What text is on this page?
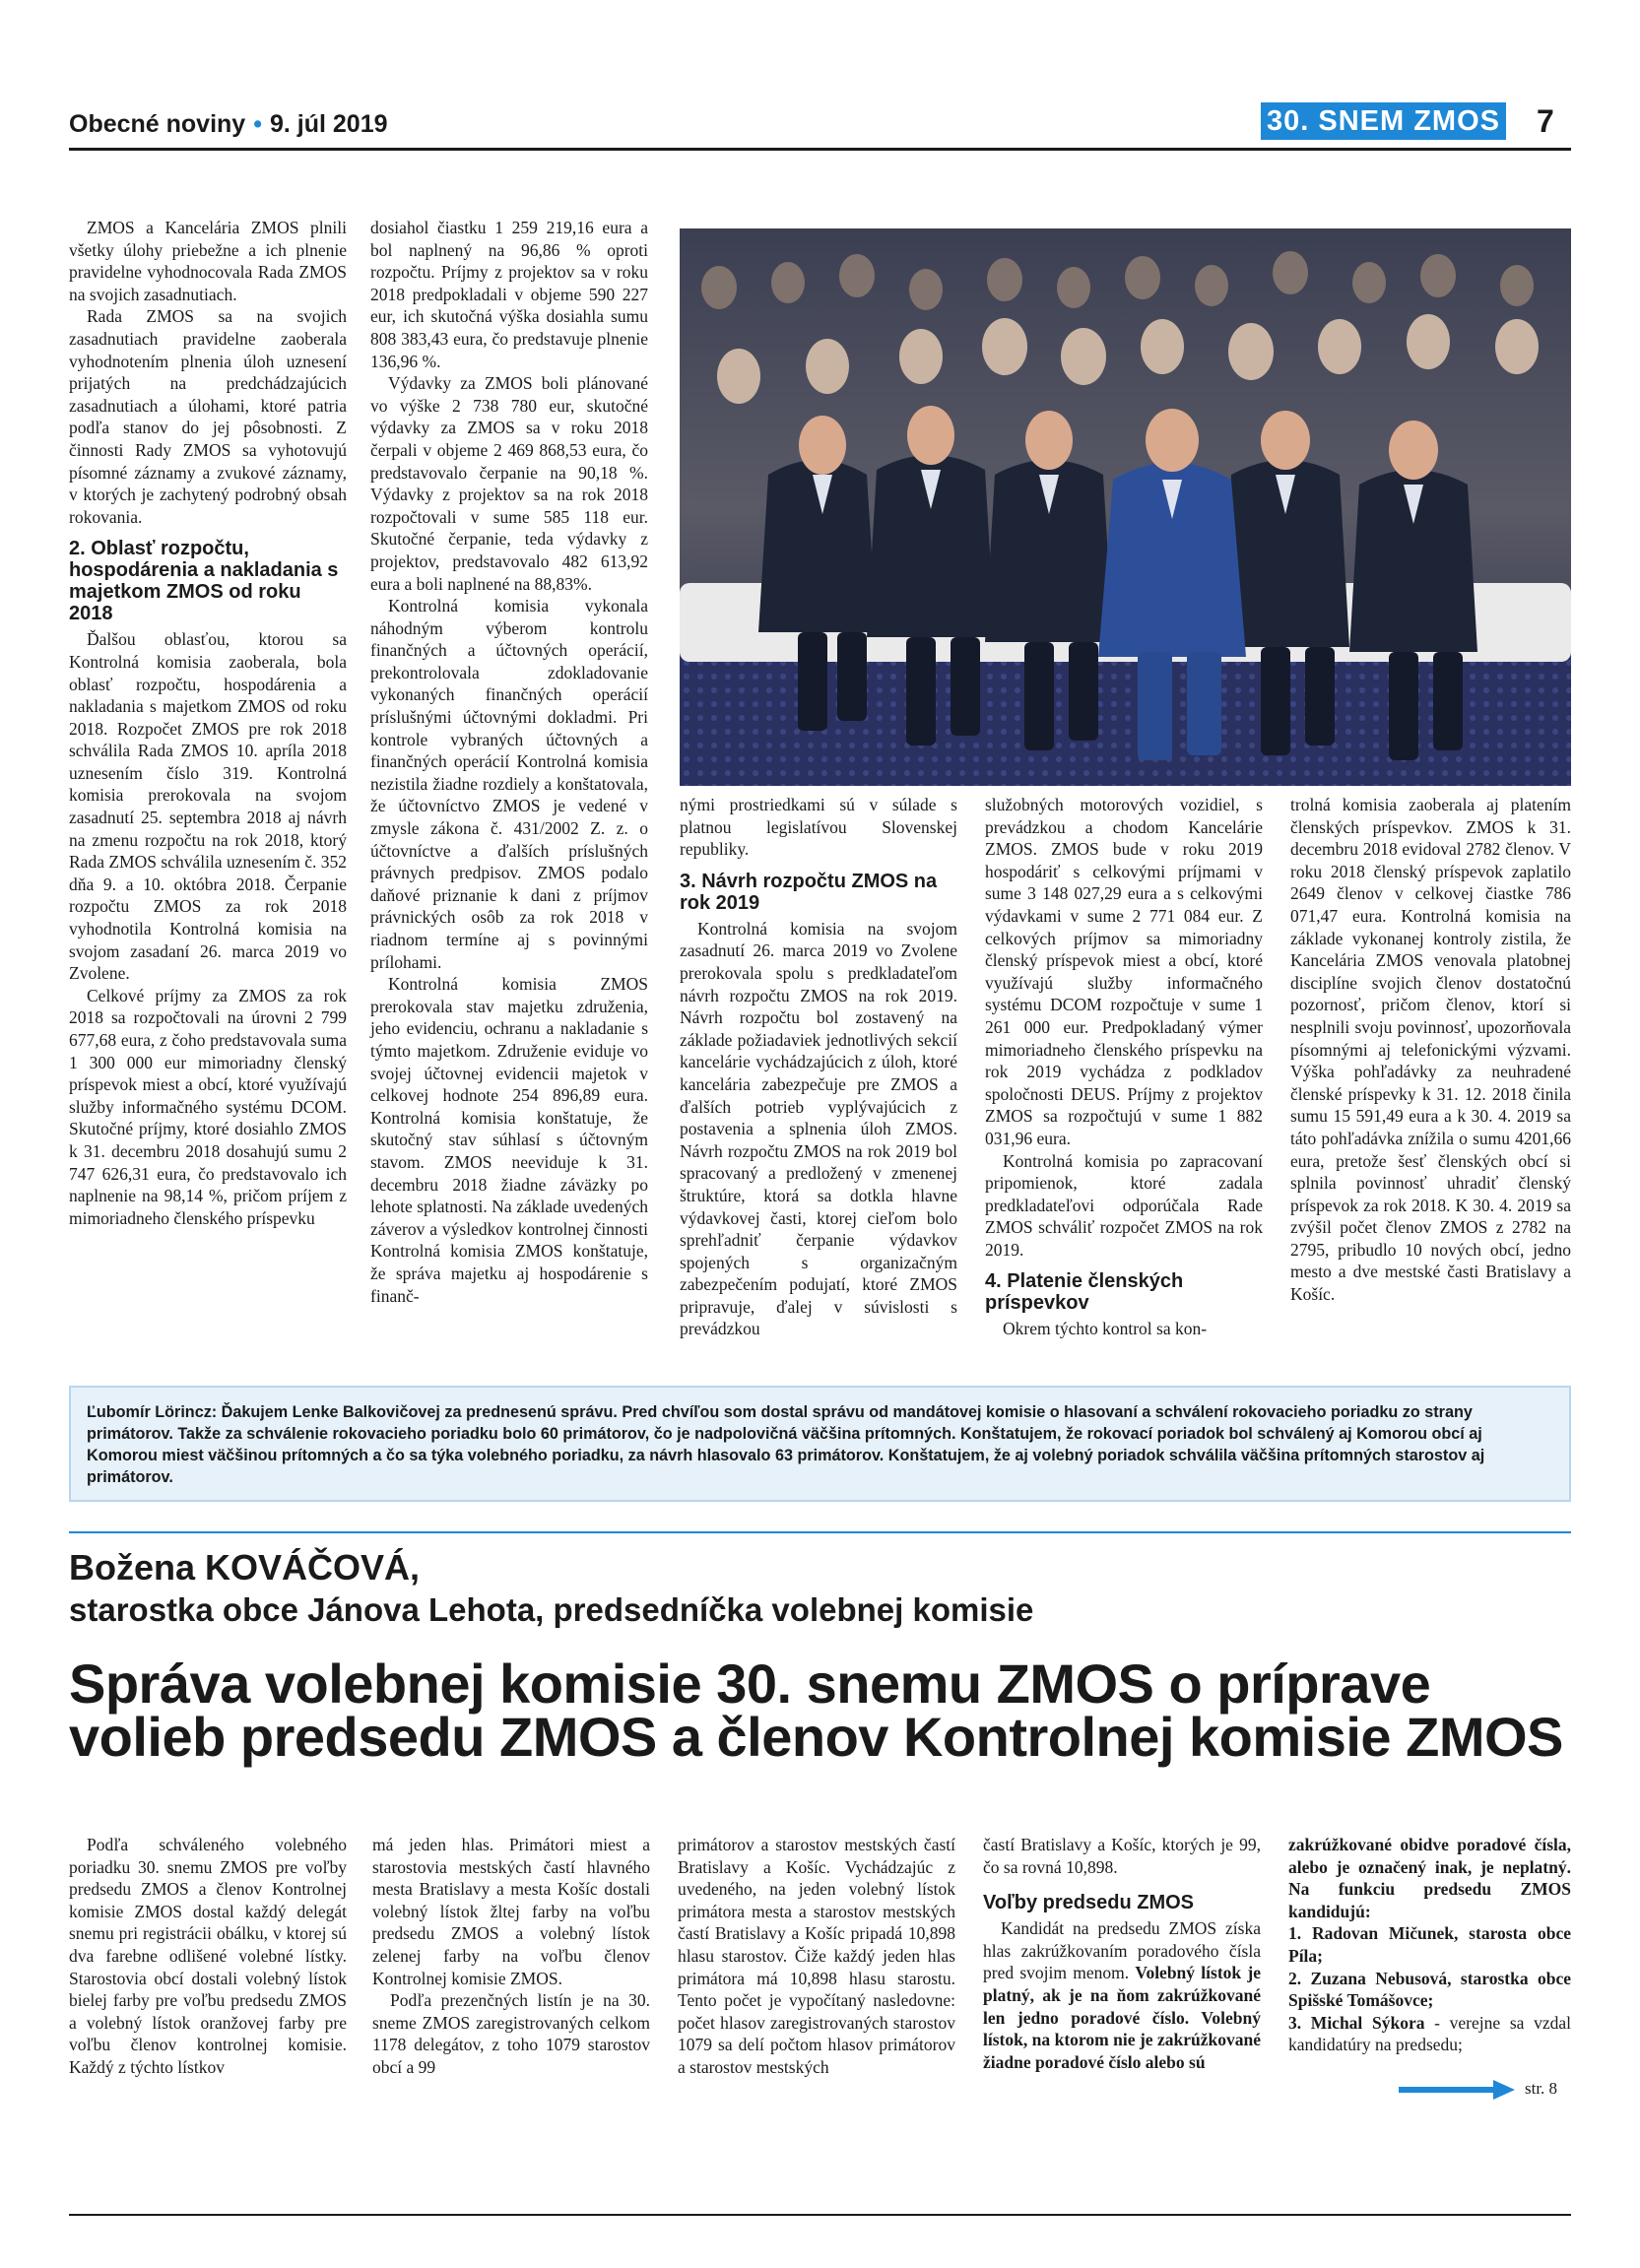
Obecné noviny • 9. júl 2019	30. SNEM ZMOS 7

ZMOS a Kancelária ZMOS plnili všetky úlohy priebežne a ich plnenie pravidelne vyhodnocovala Rada ZMOS na svojich zasadnutiach.

Rada ZMOS sa na svojich zasadnutiach pravidelne zaoberala vyhodnotením plnenia úloh uznesení prijatých na predchádzajúcich zasadnutiach a úlohami, ktoré patria podľa stanov do jej pôsobnosti. Z činnosti Rady ZMOS sa vyhotovujú písomné záznamy a zvukové záznamy, v ktorých je zachytený podrobný obsah rokovania.

2. Oblasť rozpočtu, hospodárenia a nakladania s majetkom ZMOS od roku 2018

Ďalšou oblasťou, ktorou sa Kontrolná komisia zaoberala, bola oblasť rozpočtu, hospodárenia a nakladania s majetkom ZMOS od roku 2018. Rozpočet ZMOS pre rok 2018 schválila Rada ZMOS 10. apríla 2018 uznesením číslo 319. Kontrolná komisia prerokovala na svojom zasadnutí 25. septembra 2018 aj návrh na zmenu rozpočtu na rok 2018, ktorý Rada ZMOS schválila uznesením č. 352 dňa 9. a 10. októbra 2018. Čerpanie rozpočtu ZMOS za rok 2018 vyhodnotila Kontrolná komisia na svojom zasadaní 26. marca 2019 vo Zvolene.

Celkové príjmy za ZMOS za rok 2018 sa rozpočtovali na úrovni 2 799 677,68 eura, z čoho predstavovala suma 1 300 000 eur mimoriadny členský príspevok miest a obcí, ktoré využívajú služby informačného systému DCOM. Skutočné príjmy, ktoré dosiahlo ZMOS k 31. decembru 2018 dosahujú sumu 2 747 626,31 eura, čo predstavovalo ich naplnenie na 98,14 %, pričom príjem z mimoriadneho členského príspevku

dosiahol čiastku 1 259 219,16 eura a bol naplnený na 96,86 % oproti rozpočtu. Príjmy z projektov sa v roku 2018 predpokladali v objeme 590 227 eur, ich skutočná výška dosiahla sumu 808 383,43 eura, čo predstavuje plnenie 136,96 %.

Výdavky za ZMOS boli plánované vo výške 2 738 780 eur, skutočné výdavky za ZMOS sa v roku 2018 čerpali v objeme 2 469 868,53 eura, čo predstavovalo čerpanie na 90,18 %. Výdavky z projektov sa na rok 2018 rozpočtovali v sume 585 118 eur. Skutočné čerpanie, teda výdavky z projektov, predstavovalo 482 613,92 eura a boli naplnené na 88,83%.

Kontrolná komisia vykonala náhodným výberom kontrolu finančných a účtovných operácií, prekontrolovala zdokladovanie vykonaných finančných operácií príslušnými účtovnými dokladmi. Pri kontrole vybraných účtovných a finančných operácií Kontrolná komisia nezistila žiadne rozdiely a konštatovala, že účtovníctvo ZMOS je vedené v zmysle zákona č. 431/2002 Z. z. o účtovníctve a ďalších príslušných právnych predpisov. ZMOS podalo daňové priznanie k dani z príjmov právnických osôb za rok 2018 v riadnom termíne aj s povinnými prílohami.

Kontrolná komisia ZMOS prerokovala stav majetku združenia, jeho evidenciu, ochranu a nakladanie s týmto majetkom. Združenie eviduje vo svojej účtovnej evidencii majetok v celkovej hodnote 254 896,89 eura. Kontrolná komisia konštatuje, že skutočný stav súhlasí s účtovným stavom. ZMOS neeviduje k 31. decembru 2018 žiadne záväzky po lehote splatnosti. Na základe uvedených záverov a výsledkov kontrolnej činnosti Kontrolná komisia ZMOS konštatuje, že správa majetku aj hospodárenie s finanč-

nými prostriedkami sú v súlade s platnou legislatívou Slovenskej republiky.

3. Návrh rozpočtu ZMOS na rok 2019

Kontrolná komisia na svojom zasadnutí 26. marca 2019 vo Zvolene prerokovala spolu s predkladateľom návrh rozpočtu ZMOS na rok 2019. Návrh rozpočtu bol zostavený na základe požiadaviek jednotlivých sekcií kancelárie vychádzajúcich z úloh, ktoré kancelária zabezpečuje pre ZMOS a ďalších potrieb vyplývajúcich z postavenia a splnenia úloh ZMOS. Návrh rozpočtu ZMOS na rok 2019 bol spracovaný a predložený v zmenenej štruktúre, ktorá sa dotkla hlavne výdavkovej časti, ktorej cieľom bolo sprehľadniť čerpanie výdavkov spojených s organizačným zabezpečením podujatí, ktoré ZMOS pripravuje, ďalej v súvislosti s prevádzkou

služobných motorových vozidiel, s prevádzkou a chodom Kancelárie ZMOS. ZMOS bude v roku 2019 hospodáriť s celkovými príjmami v sume 3 148 027,29 eura a s celkovými výdavkami v sume 2 771 084 eur. Z celkových príjmov sa mimoriadny členský príspevok miest a obcí, ktoré využívajú služby informačného systému DCOM rozpočtuje v sume 1 261 000 eur. Predpokladaný výmer mimoriadneho členského príspevku na rok 2019 vychádza z podkladov spoločnosti DEUS. Príjmy z projektov ZMOS sa rozpočtujú v sume 1 882 031,96 eura.

Kontrolná komisia po zapracovaní pripomienok, ktoré zadala predkladateľovi odporúčala Rade ZMOS schváliť rozpočet ZMOS na rok 2019.

4. Platenie členských príspevkov

Okrem týchto kontrol sa kon-

trolná komisia zaoberala aj platením členských príspevkov. ZMOS k 31. decembru 2018 evidoval 2782 členov. V roku 2018 členský príspevok zaplatilo 2649 členov v celkovej čiastke 786 071,47 eura. Kontrolná komisia na základe vykonanej kontroly zistila, že Kancelária ZMOS venovala platobnej disciplíne svojich členov dostatočnú pozornosť, pričom členov, ktorí si nesplnili svoju povinnosť, upozorňovala písomnými aj telefonickými výzvami. Výška pohľadávky za neuhradené členské príspevky k 31. 12. 2018 činila sumu 15 591,49 eura a k 30. 4. 2019 sa táto pohľadávka znížila o sumu 4201,66 eura, pretože šesť členských obcí si splnila povinnosť uhradiť členský príspevok za rok 2018. K 30. 4. 2019 sa zvýšil počet členov ZMOS z 2782 na 2795, pribudlo 10 nových obcí, jedno mesto a dve mestské časti Bratislavy a Košíc.

Ľubomír Lörincz: Ďakujem Lenke Balkovičovej za prednesenú správu. Pred chvíľou som dostal správu od mandátovej komisie o hlasovaní a schválení rokovacieho poriadku zo strany primátorov. Takže za schválenie rokovacieho poriadku bolo 60 primátorov, čo je nadpolovičná väčšina prítomných. Konštatujem, že rokovací poriadok bol schválený aj Komorou obcí aj Komorou miest väčšinou prítomných a čo sa týka volebného poriadku, za návrh hlasovalo 63 primátorov. Konštatujem, že aj volebný poriadok schválila väčšina prítomných starostov aj primátorov.
Božena KOVÁČOVÁ,
starostka obce Jánova Lehota, predsedníčka volebnej komisie
Správa volebnej komisie 30. snemu ZMOS o príprave volieb predsedu ZMOS a členov Kontrolnej komisie ZMOS

Podľa schváleného volebného poriadku 30. snemu ZMOS pre voľby predsedu ZMOS a členov Kontrolnej komisie ZMOS dostal každý delegát snemu pri registrácii obálku, v ktorej sú dva farebne odlišené volebné lístky. Starostovia obcí dostali volebný lístok bielej farby pre voľbu predsedu ZMOS a volebný lístok oranžovej farby pre voľbu členov kontrolnej komisie. Každý z týchto lístkov

má jeden hlas. Primátori miest a starostovia mestských častí hlavného mesta Bratislavy a mesta Košíc dostali volebný lístok žltej farby na voľbu predsedu ZMOS a volebný lístok zelenej farby na voľbu členov Kontrolnej komisie ZMOS.

Podľa prezenčných listín je na 30. sneme ZMOS zaregistrovaných celkom 1178 delegátov, z toho 1079 starostov obcí a 99

primátorov a starostov mestských častí Bratislavy a Košíc. Vychádzajúc z uvedeného, na jeden volebný lístok primátora mesta a starostov mestských častí Bratislavy a Košíc pripadá 10,898 hlasu starostov. Čiže každý jeden hlas primátora má 10,898 hlasu starostu. Tento počet je vypočítaný nasledovne: počet hlasov zaregistrovaných starostov 1079 sa delí počtom hlasov primátorov a starostov mestských

častí Bratislavy a Košíc, ktorých je 99, čo sa rovná 10,898.

Voľby predsedu ZMOS

Kandidát na predsedu ZMOS získa hlas zakrúžkovaním poradového čísla pred svojim menom. Volebný lístok je platný, ak je na ňom zakrúžkované len jedno poradové číslo. Volebný lístok, na ktorom nie je zakrúžkované žiadne poradové číslo alebo sú

zakrúžkované obidve poradové čísla, alebo je označený inak, je neplatný. Na funkciu predsedu ZMOS kandidujú:

1. Radovan Mičunek, starosta obce Píla;

2. Zuzana Nebusová, starostka obce Spišské Tomášovce;

3. Michal Sýkora - verejne sa vzdal kandidatúry na predsedu;

str. 8
